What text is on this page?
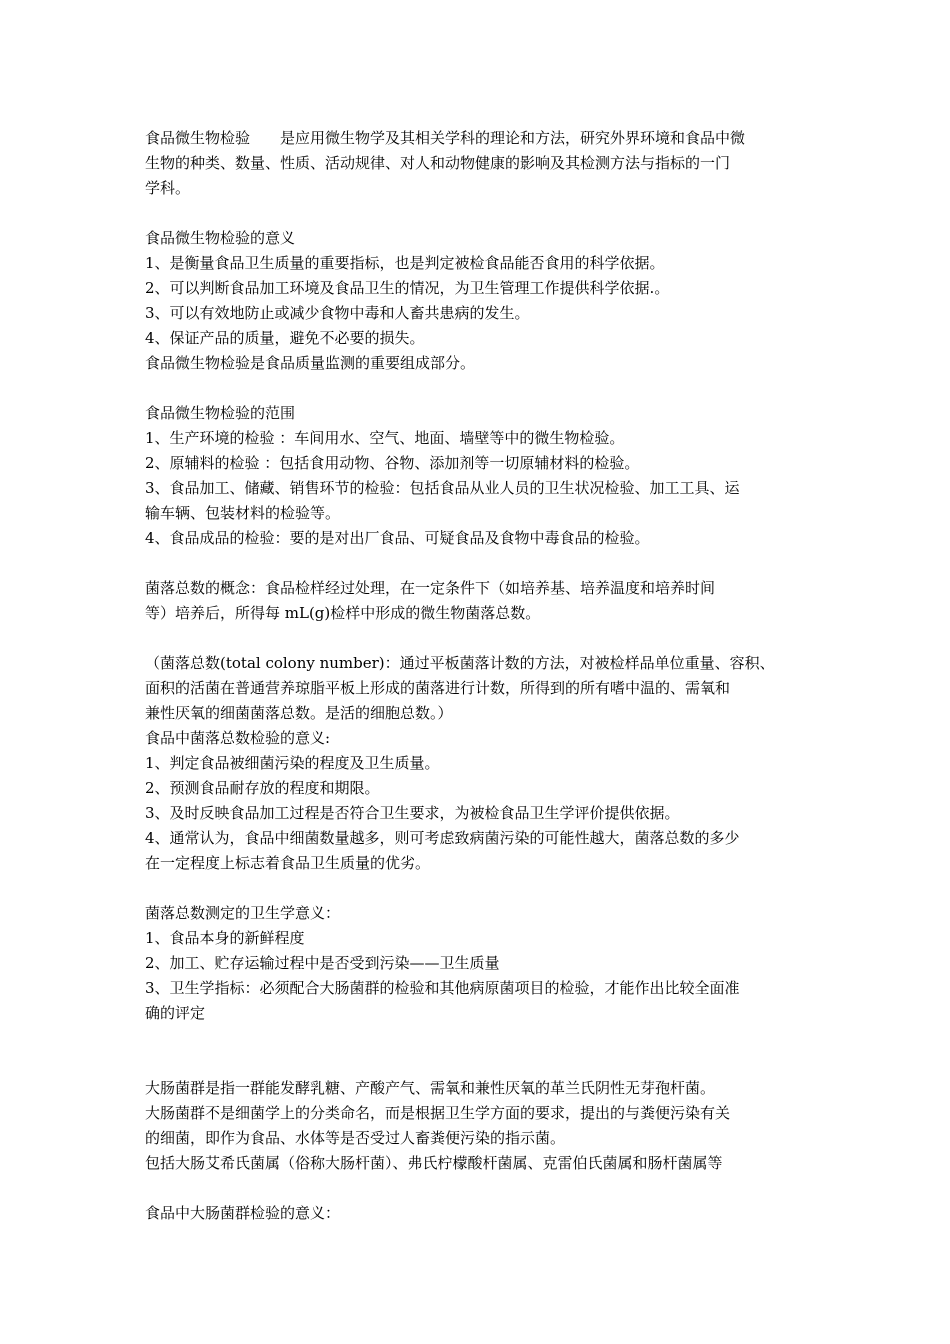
食品微生物检验　　是应用微生物学及其相关学科的理论和方法，研究外界环境和食品中微
生物的种类、数量、性质、活动规律、对人和动物健康的影响及其检测方法与指标的一门
学科。
食品微生物检验的意义
1、是衡量食品卫生质量的重要指标，也是判定被检食品能否食用的科学依据。
2、可以判断食品加工环境及食品卫生的情况，为卫生管理工作提供科学依据.。
3、可以有效地防止或减少食物中毒和人畜共患病的发生。
4、保证产品的质量，避免不必要的损失。
食品微生物检验是食品质量监测的重要组成部分。
食品微生物检验的范围
1、生产环境的检验 ：车间用水、空气、地面、墙壁等中的微生物检验。
2、原辅料的检验 ：包括食用动物、谷物、添加剂等一切原辅材料的检验。
3、食品加工、储藏、销售环节的检验：包括食品从业人员的卫生状况检验、加工工具、运
输车辆、包装材料的检验等。
4、食品成品的检验：要的是对出厂食品、可疑食品及食物中毒食品的检验。
菌落总数的概念：食品检样经过处理，在一定条件下（如培养基、培养温度和培养时间
等）培养后，所得每 mL(g)检样中形成的微生物菌落总数。
（菌落总数(total colony number)：通过平板菌落计数的方法，对被检样品单位重量、容积、
面积的活菌在普通营养琼脂平板上形成的菌落进行计数，所得到的所有嗜中温的、需氧和
兼性厌氧的细菌菌落总数。是活的细胞总数。）
食品中菌落总数检验的意义:
1、判定食品被细菌污染的程度及卫生质量。
2、预测食品耐存放的程度和期限。
3、及时反映食品加工过程是否符合卫生要求，为被检食品卫生学评价提供依据。
4、通常认为，食品中细菌数量越多，则可考虑致病菌污染的可能性越大，菌落总数的多少
在一定程度上标志着食品卫生质量的优劣。
菌落总数测定的卫生学意义：
1、食品本身的新鲜程度
2、加工、贮存运输过程中是否受到污染——卫生质量
3、卫生学指标：必须配合大肠菌群的检验和其他病原菌项目的检验，才能作出比较全面准
确的评定
大肠菌群是指一群能发酵乳糖、产酸产气、需氧和兼性厌氧的革兰氏阴性无芽孢杆菌。
大肠菌群不是细菌学上的分类命名，而是根据卫生学方面的要求，提出的与粪便污染有关
的细菌，即作为食品、水体等是否受过人畜粪便污染的指示菌。
包括大肠艾希氏菌属（俗称大肠杆菌）、弗氏柠檬酸杆菌属、克雷伯氏菌属和肠杆菌属等
食品中大肠菌群检验的意义：
